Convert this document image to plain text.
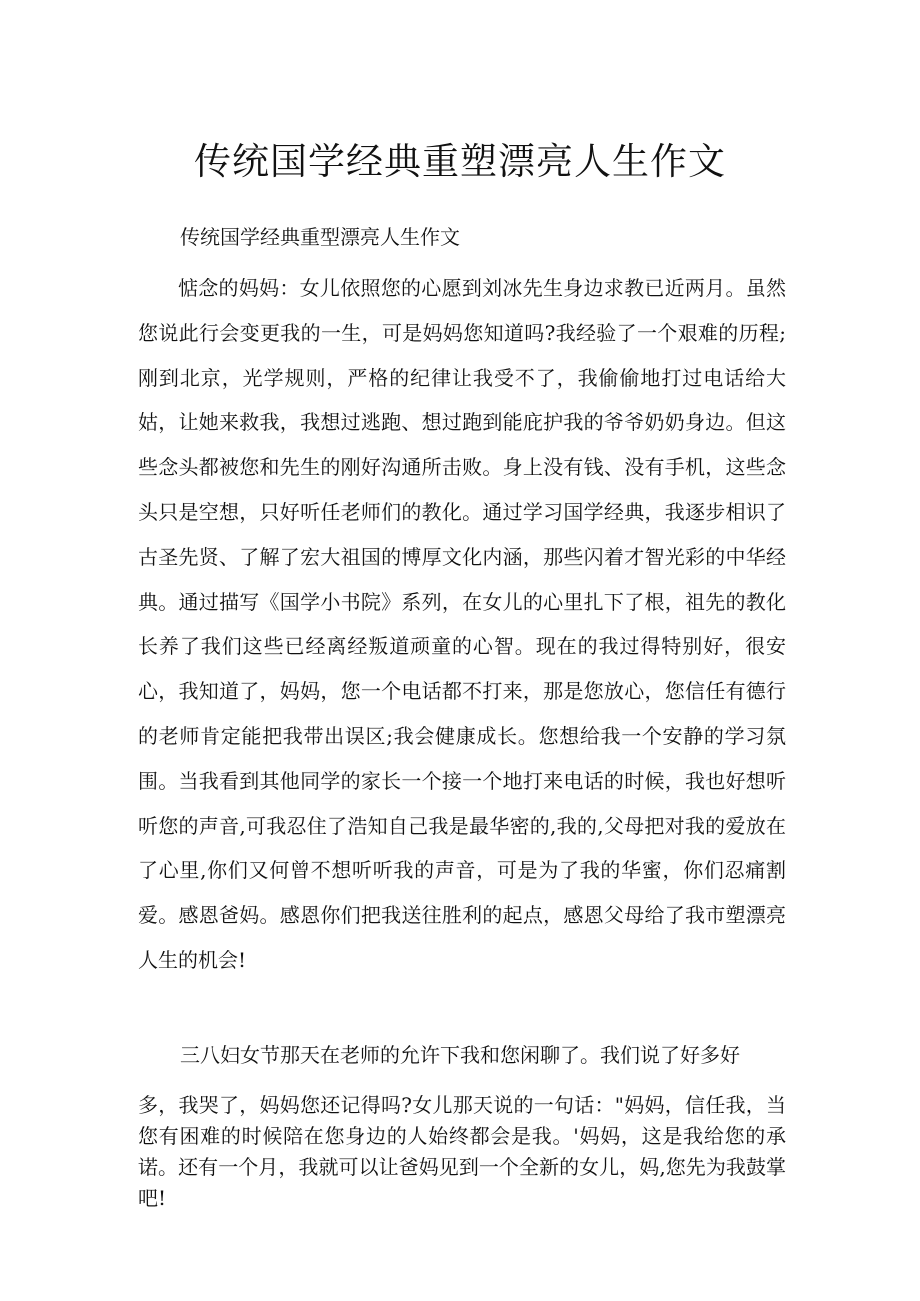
传统国学经典重塑漂亮人生作文

传统国学经典重型漂亮人生作文

惦念的妈妈：女儿依照您的心愿到刘冰先生身边求教已近两月。虽然您说此行会变更我的一生，可是妈妈您知道吗?我经验了一个艰难的历程;刚到北京，光学规则，严格的纪律让我受不了，我偷偷地打过电话给大姑，让她来救我，我想过逃跑、想过跑到能庇护我的爷爷奶奶身边。但这些念头都被您和先生的刚好沟通所击败。身上没有钱、没有手机，这些念头只是空想，只好听任老师们的教化。通过学习国学经典，我逐步相识了古圣先贤、了解了宏大祖国的博厚文化内涵，那些闪着才智光彩的中华经典。通过描写《国学小书院》系列，在女儿的心里扎下了根，祖先的教化长养了我们这些已经离经叛道顽童的心智。现在的我过得特别好，很安心，我知道了，妈妈，您一个电话都不打来，那是您放心，您信任有德行的老师肯定能把我带出误区;我会健康成长。您想给我一个安静的学习氛围。当我看到其他同学的家长一个接一个地打来电话的时候，我也好想听听您的声音,可我忍住了浩知自己我是最华密的,我的,父母把对我的爱放在了心里,你们又何曾不想听听我的声音，可是为了我的华蜜，你们忍痛割爱。感恩爸妈。感恩你们把我送往胜利的起点，感恩父母给了我市塑漂亮人生的机会!

三八妇女节那天在老师的允许下我和您闲聊了。我们说了好多好

多，我哭了，妈妈您还记得吗?女儿那天说的一句话："妈妈，信任我，当您有困难的时候陪在您身边的人始终都会是我。'妈妈，这是我给您的承诺。还有一个月，我就可以让爸妈见到一个全新的女儿，妈,您先为我鼓掌吧!
